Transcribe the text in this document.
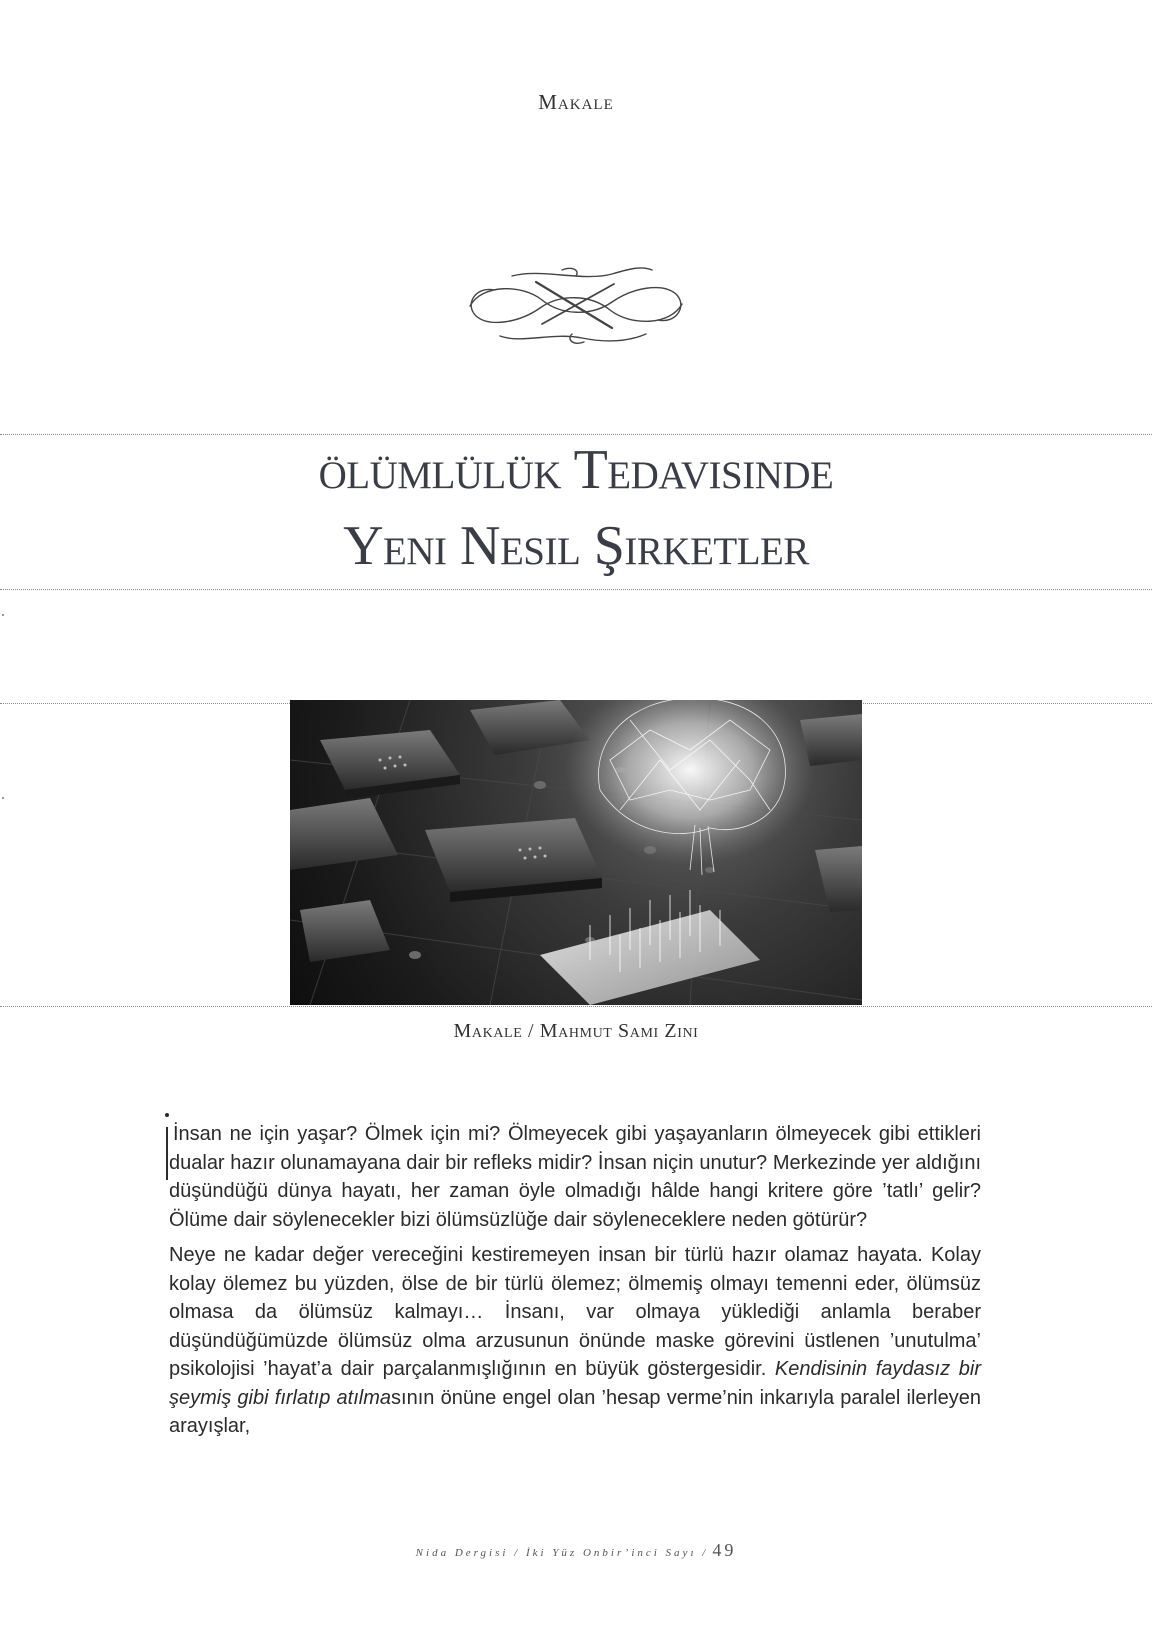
Makale
ölümlülük Tedavisinde
Yeni Nesil Şirketler
Makale / Mahmut Sami Zini

İnsan ne için yaşar? Ölmek için mi? Ölmeyecek gibi yaşayanların ölmeyecek gibi ettikleri dualar hazır olunamayana dair bir refleks midir? İnsan niçin unutur? Merkezinde yer aldığını düşündüğü dünya hayatı, her zaman öyle olmadığı hâlde hangi kritere göre ’tatlı’ gelir? Ölüme dair söylenecekler bizi ölümsüzlüğe dair söyleneceklere neden götürür?

Neye ne kadar değer vereceğini kestiremeyen insan bir türlü hazır olamaz hayata. Kolay kolay ölemez bu yüzden, ölse de bir türlü ölemez; ölmemiş olmayı temenni eder, ölümsüz olmasa da ölümsüz kalmayı… İnsanı, var olmaya yüklediği anlamla beraber düşündüğümüzde ölümsüz olma arzusunun önünde maske görevini üstlenen ’unutulma’ psikolojisi ’hayat’a dair parçalanmışlığının en büyük göstergesidir. Kendisinin faydasız bir şeymiş gibi fırlatıp atılmasının önüne engel olan ’hesap verme’nin inkarıyla paralel ilerleyen arayışlar,

Nida Dergisi / İki Yüz Onbir’inci Sayı / 49
